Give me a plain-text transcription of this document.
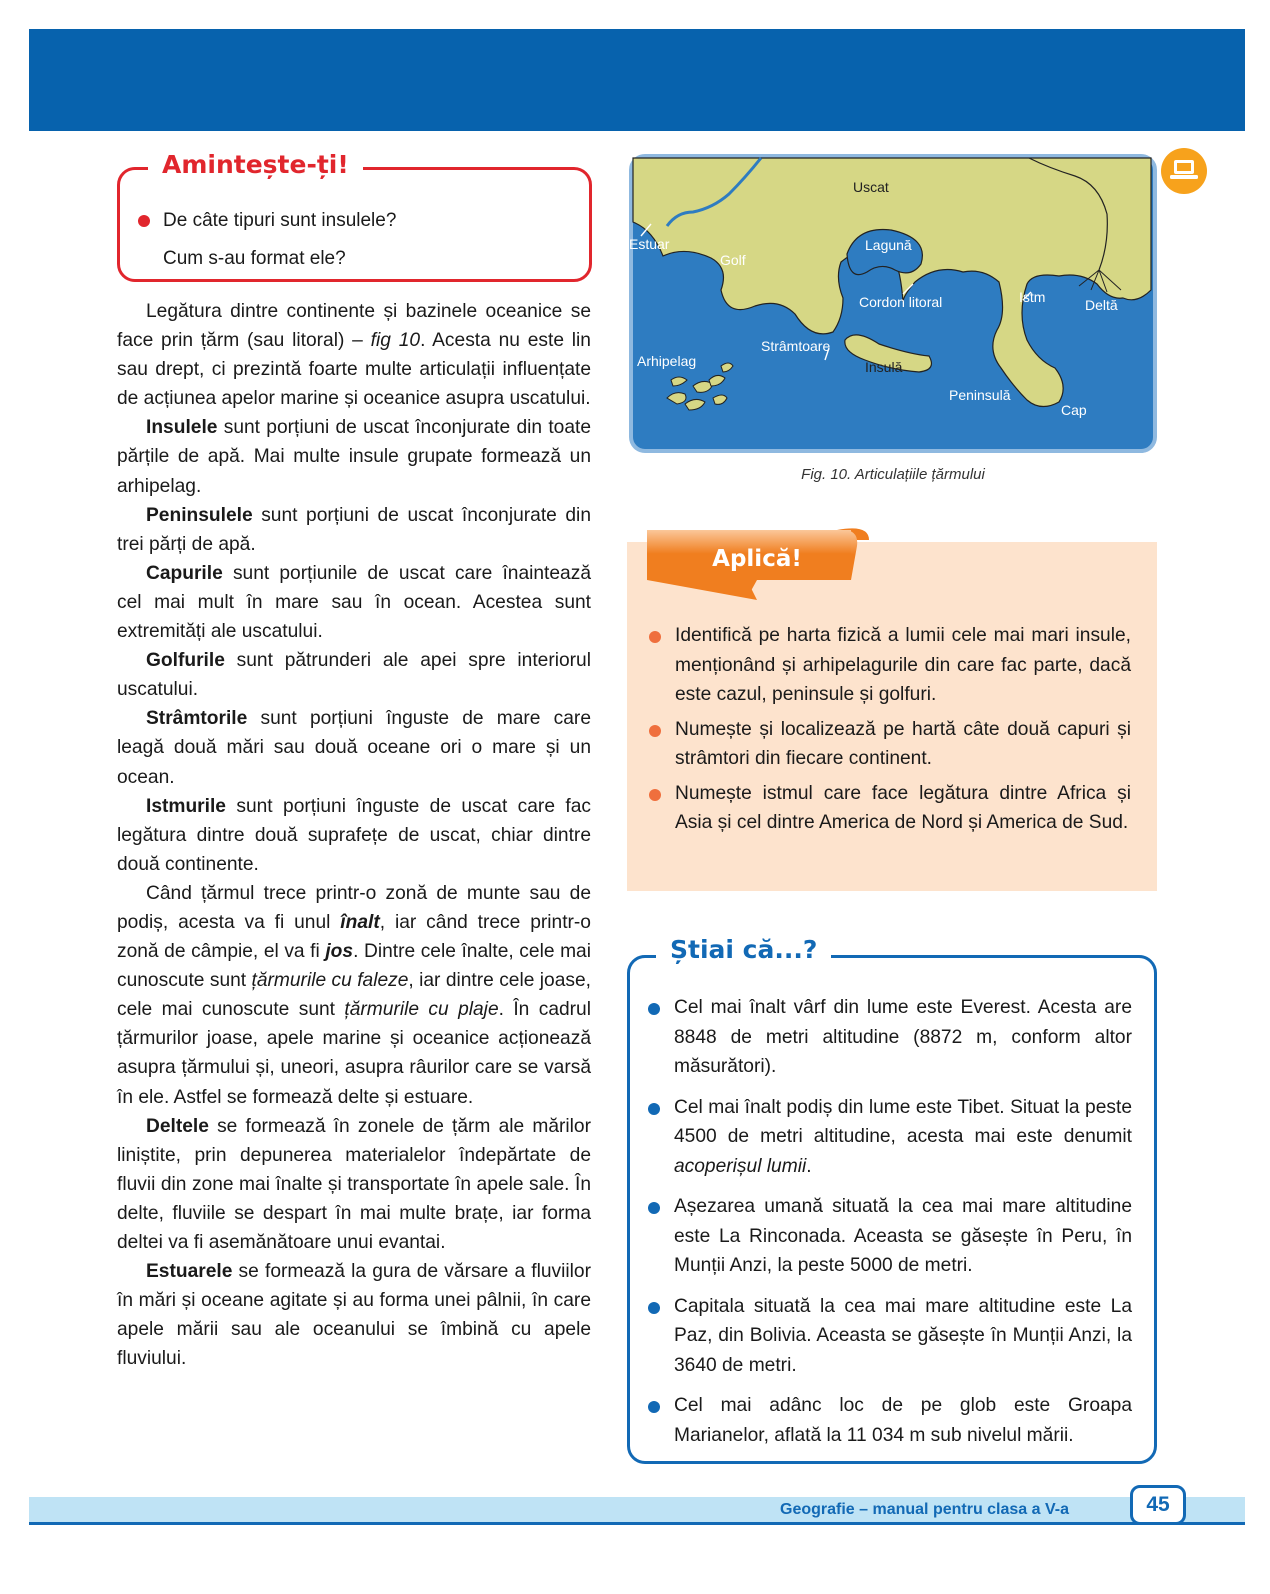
Amintește-ți!
De câte tipuri sunt insulele?
Cum s-au format ele?

Legătura dintre continente și bazinele oceanice se face prin țărm (sau litoral) – fig 10. Acesta nu este lin sau drept, ci prezintă foarte multe articulații influențate de acțiunea apelor marine și oceanice asupra uscatului.

Insulele sunt porțiuni de uscat înconjurate din toate părțile de apă. Mai multe insule grupate formează un arhipelag.

Peninsulele sunt porțiuni de uscat înconjurate din trei părți de apă.

Capurile sunt porțiunile de uscat care înaintează cel mai mult în mare sau în ocean. Acestea sunt extremități ale uscatului.

Golfurile sunt pătrunderi ale apei spre interiorul uscatului.

Strâmtorile sunt porțiuni înguste de mare care leagă două mări sau două oceane ori o mare și un ocean.

Istmurile sunt porțiuni înguste de uscat care fac legătura dintre două suprafețe de uscat, chiar dintre două continente.

Când țărmul trece printr-o zonă de munte sau de podiș, acesta va fi unul înalt, iar când trece printr-o zonă de câmpie, el va fi jos. Dintre cele înalte, cele mai cunoscute sunt țărmurile cu faleze, iar dintre cele joase, cele mai cunoscute sunt țărmurile cu plaje. În cadrul țărmurilor joase, apele marine și oceanice acționează asupra țărmului și, uneori, asupra râurilor care se varsă în ele. Astfel se formează delte și estuare.

Deltele se formează în zonele de țărm ale mărilor liniștite, prin depunerea materialelor îndepărtate de fluvii din zone mai înalte și transportate în apele sale. În delte, fluviile se despart în mai multe brațe, iar forma deltei va fi asemănătoare unui evantai.

Estuarele se formează la gura de vărsare a fluviilor în mări și oceane agitate și au forma unei pâlnii, în care apele mării sau ale oceanului se îmbină cu apele fluviului.

Uscat
Estuar
Golf
Lagună
Cordon litoral	Istm	Deltă
Arhipelag
Strâmtoare
Insulă
Peninsulă
Cap
Fig. 10. Articulațiile țărmului
Identifică pe harta fizică a lumii cele mai mari insule, menționând și arhipelagurile din care fac parte, dacă este cazul, peninsule și golfuri.
Numește și localizează pe hartă câte două capuri și strâmtori din fiecare continent.
Numește istmul care face legătura dintre Africa și Asia și cel dintre America de Nord și America de Sud.
Aplică!
Știai că...?
Cel mai înalt vârf din lume este Everest. Acesta are 8848 de metri altitudine (8872 m, conform altor măsurători).
Cel mai înalt podiș din lume este Tibet. Situat la peste 4500 de metri altitudine, acesta mai este denumit acoperișul lumii.
Așezarea umană situată la cea mai mare altitudine este La Rinconada. Aceasta se găsește în Peru, în Munții Anzi, la peste 5000 de metri.
Capitala situată la cea mai mare altitudine este La Paz, din Bolivia. Aceasta se găsește în Munții Anzi, la 3640 de metri.
Cel mai adânc loc de pe glob este Groapa Marianelor, aflată la 11 034 m sub nivelul mării.
Geografie – manual pentru clasa a V-a	45
